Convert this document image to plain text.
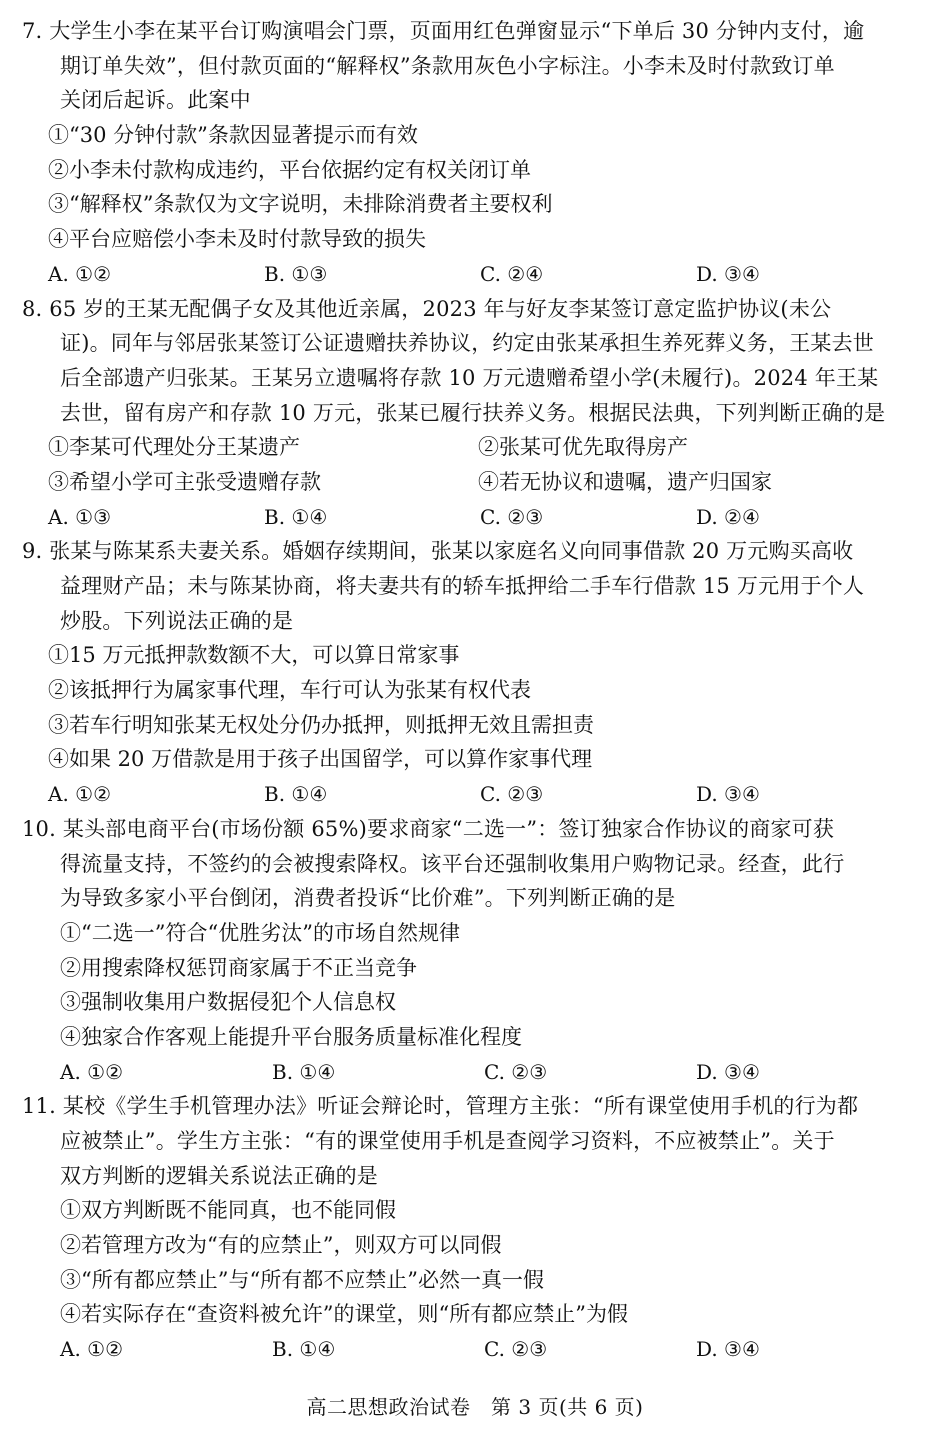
7. 大学生小李在某平台订购演唱会门票，页面用红色弹窗显示“下单后 30 分钟内支付，逾
期订单失效”，但付款页面的“解释权”条款用灰色小字标注。小李未及时付款致订单
关闭后起诉。此案中
①“30 分钟付款”条款因显著提示而有效
②小李未付款构成违约，平台依据约定有权关闭订单
③“解释权”条款仅为文字说明，未排除消费者主要权利
④平台应赔偿小李未及时付款导致的损失
A. ①②	B. ①③	C. ②④	D. ③④
8. 65 岁的王某无配偶子女及其他近亲属，2023 年与好友李某签订意定监护协议(未公
证)。同年与邻居张某签订公证遗赠扶养协议，约定由张某承担生养死葬义务，王某去世
后全部遗产归张某。王某另立遗嘱将存款 10 万元遗赠希望小学(未履行)。2024 年王某
去世，留有房产和存款 10 万元，张某已履行扶养义务。根据民法典，下列判断正确的是
①李某可代理处分王某遗产	②张某可优先取得房产
③希望小学可主张受遗赠存款	④若无协议和遗嘱，遗产归国家
A. ①③	B. ①④	C. ②③	D. ②④
9. 张某与陈某系夫妻关系。婚姻存续期间，张某以家庭名义向同事借款 20 万元购买高收
益理财产品；未与陈某协商，将夫妻共有的轿车抵押给二手车行借款 15 万元用于个人
炒股。下列说法正确的是
①15 万元抵押款数额不大，可以算日常家事
②该抵押行为属家事代理，车行可认为张某有权代表
③若车行明知张某无权处分仍办抵押，则抵押无效且需担责
④如果 20 万借款是用于孩子出国留学，可以算作家事代理
A. ①②	B. ①④	C. ②③	D. ③④
10. 某头部电商平台(市场份额 65%)要求商家“二选一”：签订独家合作协议的商家可获
得流量支持，不签约的会被搜索降权。该平台还强制收集用户购物记录。经查，此行
为导致多家小平台倒闭，消费者投诉“比价难”。下列判断正确的是
①“二选一”符合“优胜劣汰”的市场自然规律
②用搜索降权惩罚商家属于不正当竞争
③强制收集用户数据侵犯个人信息权
④独家合作客观上能提升平台服务质量标准化程度
A. ①②	B. ①④	C. ②③	D. ③④
11. 某校《学生手机管理办法》听证会辩论时，管理方主张：“所有课堂使用手机的行为都
应被禁止”。学生方主张：“有的课堂使用手机是查阅学习资料，不应被禁止”。关于
双方判断的逻辑关系说法正确的是
①双方判断既不能同真，也不能同假
②若管理方改为“有的应禁止”，则双方可以同假
③“所有都应禁止”与“所有都不应禁止”必然一真一假
④若实际存在“查资料被允许”的课堂，则“所有都应禁止”为假
A. ①②	B. ①④	C. ②③	D. ③④
高二思想政治试卷　第 3 页(共 6 页)
